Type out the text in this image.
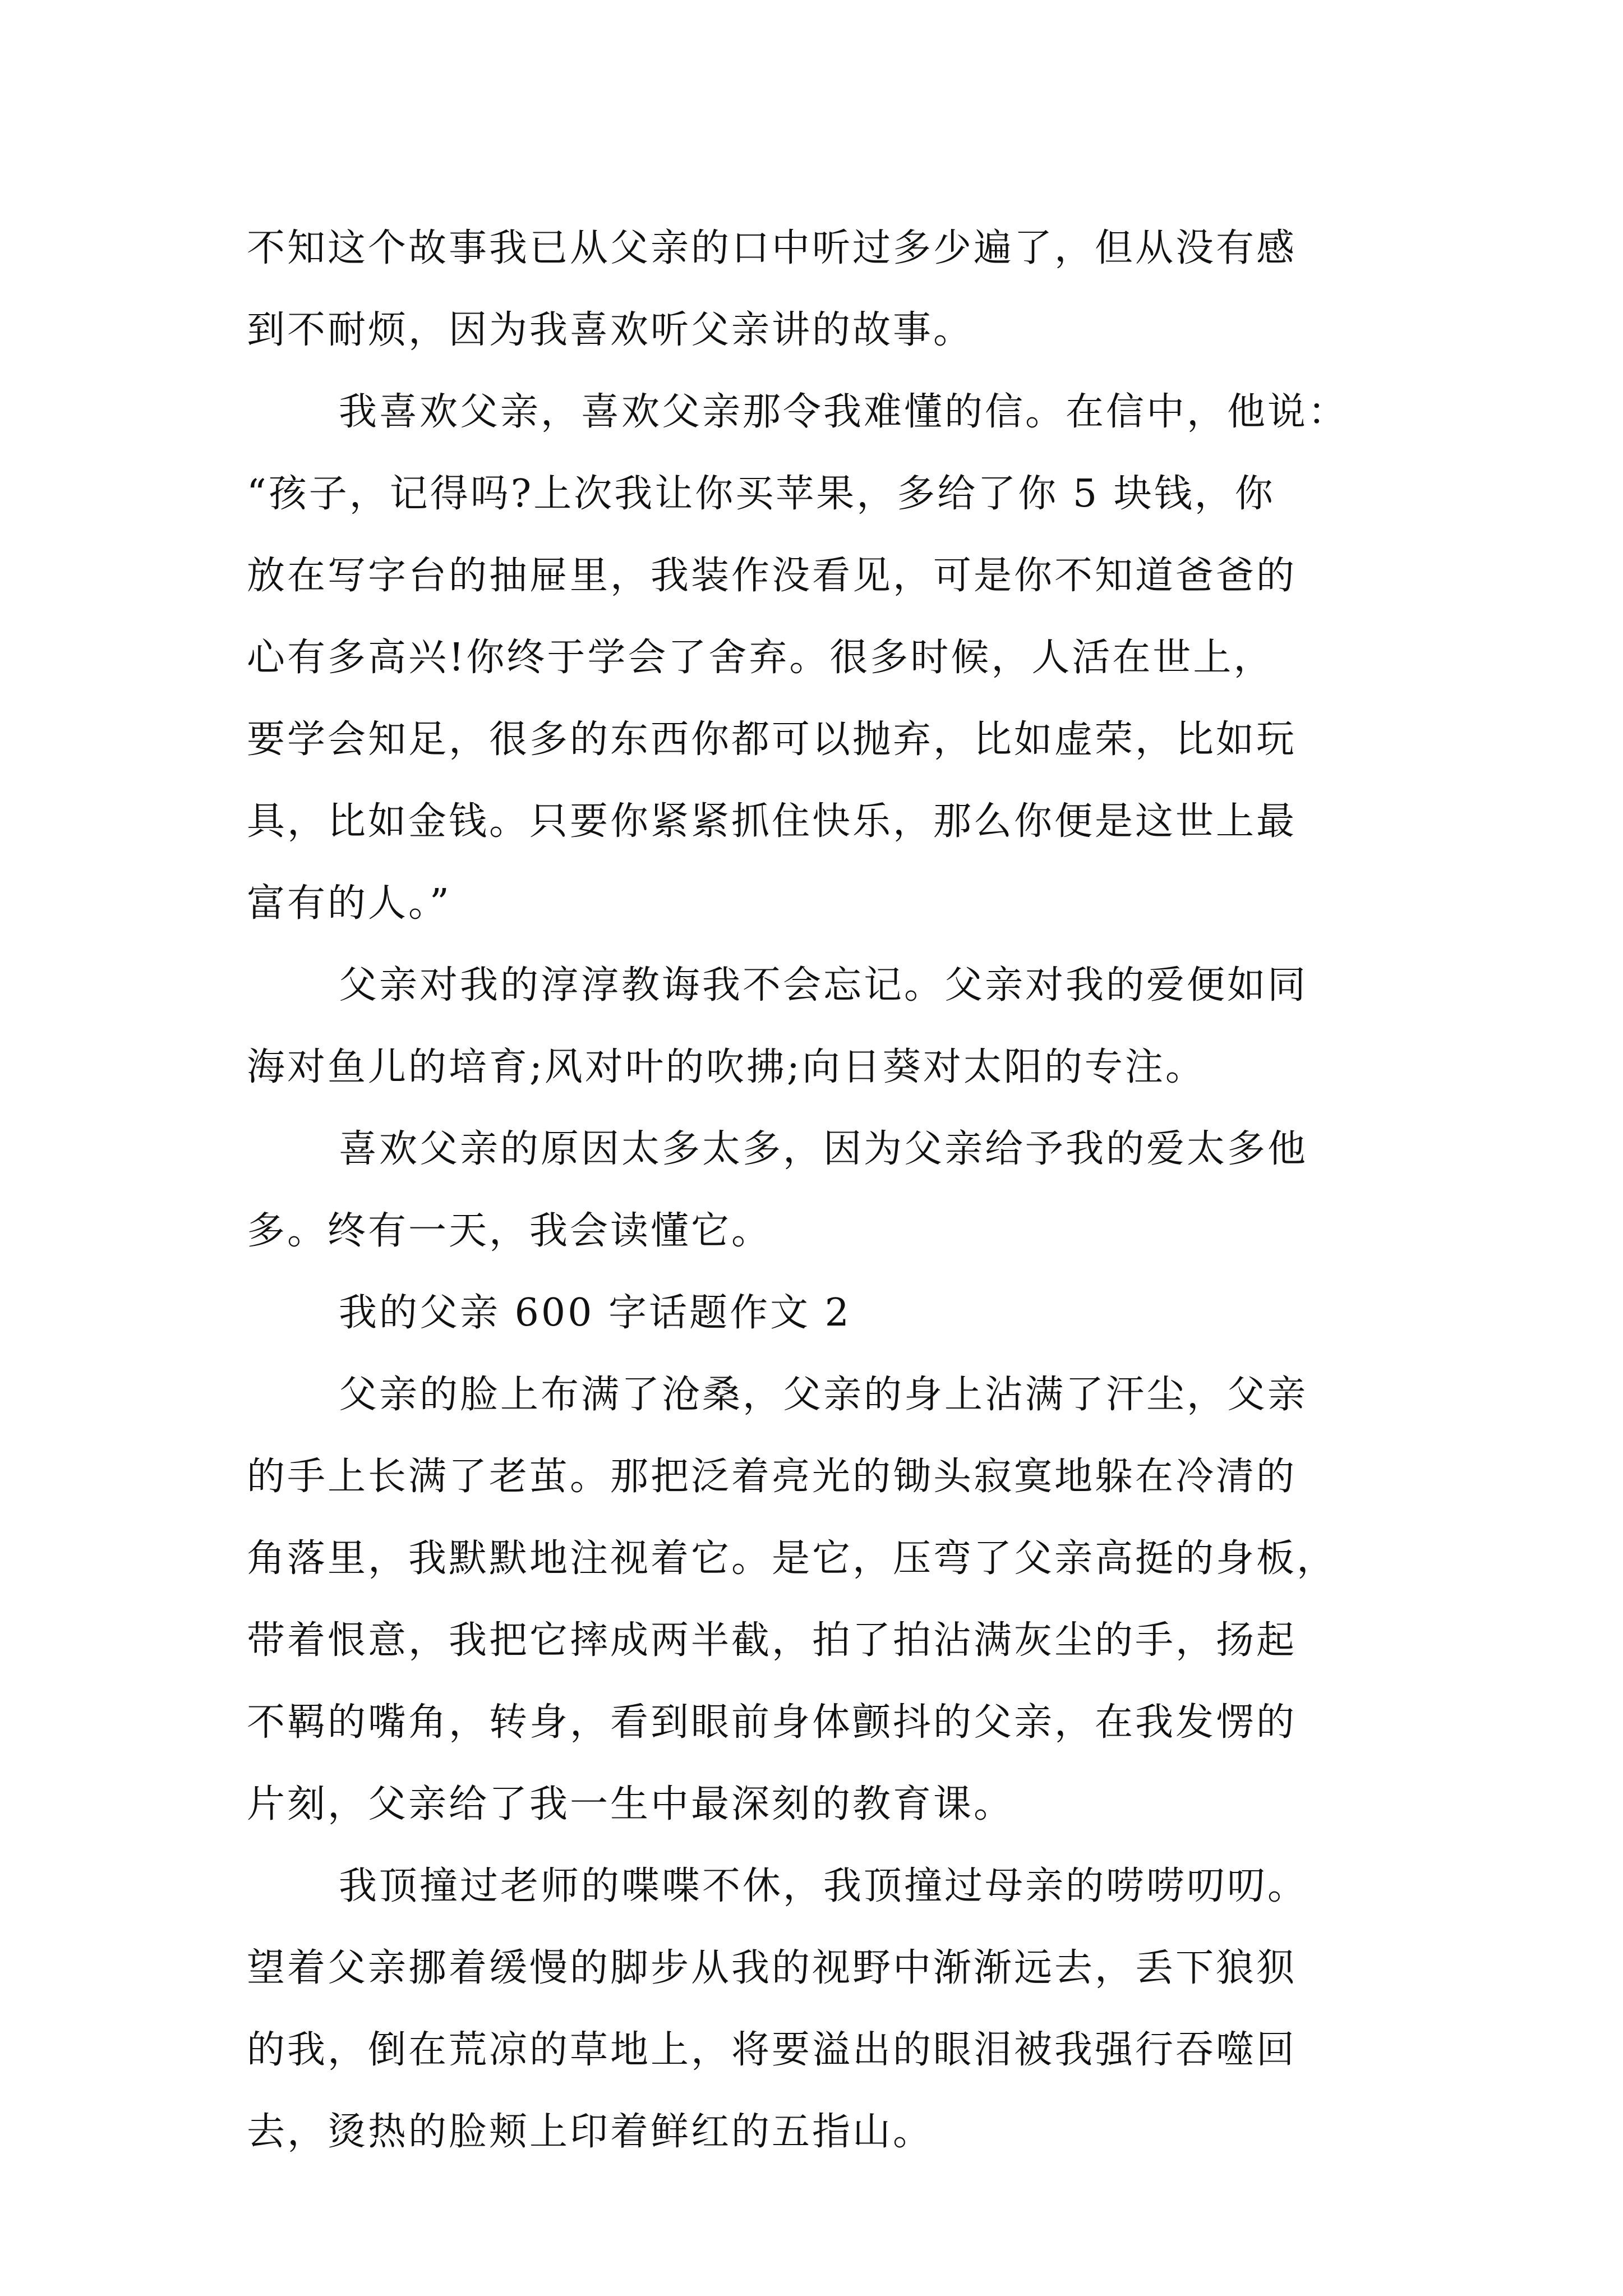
不知这个故事我已从父亲的口中听过多少遍了，但从没有感
到不耐烦，因为我喜欢听父亲讲的故事。
我喜欢父亲，喜欢父亲那令我难懂的信。在信中，他说：
“孩子，记得吗?上次我让你买苹果，多给了你 5 块钱，你
放在写字台的抽屉里，我装作没看见，可是你不知道爸爸的
心有多高兴!你终于学会了舍弃。很多时候，人活在世上，
要学会知足，很多的东西你都可以抛弃，比如虚荣，比如玩
具，比如金钱。只要你紧紧抓住快乐，那么你便是这世上最
富有的人。”
父亲对我的淳淳教诲我不会忘记。父亲对我的爱便如同
海对鱼儿的培育;风对叶的吹拂;向日葵对太阳的专注。
喜欢父亲的原因太多太多，因为父亲给予我的爱太多他
多。终有一天，我会读懂它。
我的父亲 600 字话题作文 2
父亲的脸上布满了沧桑，父亲的身上沾满了汗尘，父亲
的手上长满了老茧。那把泛着亮光的锄头寂寞地躲在冷清的
角落里，我默默地注视着它。是它，压弯了父亲高挺的身板，
带着恨意，我把它摔成两半截，拍了拍沾满灰尘的手，扬起
不羁的嘴角，转身，看到眼前身体颤抖的父亲，在我发愣的
片刻，父亲给了我一生中最深刻的教育课。
我顶撞过老师的喋喋不休，我顶撞过母亲的唠唠叨叨。
望着父亲挪着缓慢的脚步从我的视野中渐渐远去，丢下狼狈
的我，倒在荒凉的草地上，将要溢出的眼泪被我强行吞噬回
去，烫热的脸颊上印着鲜红的五指山。
